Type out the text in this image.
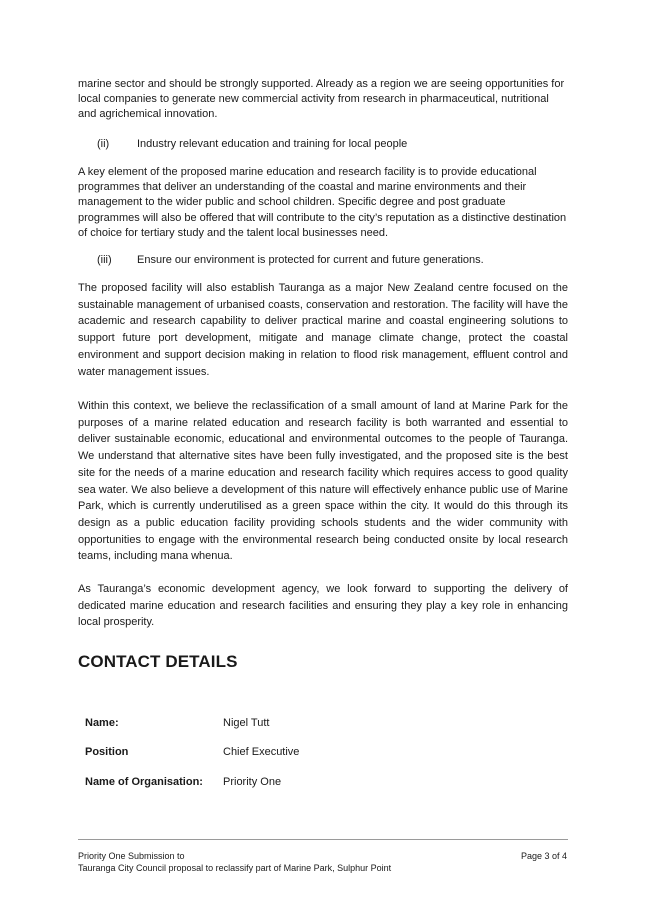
marine sector and should be strongly supported. Already as a region we are seeing opportunities for local companies to generate new commercial activity from research in pharmaceutical, nutritional and agrichemical innovation.

(ii)	Industry relevant education and training for local people

A key element of the proposed marine education and research facility is to provide educational programmes that deliver an understanding of the coastal and marine environments and their management to the wider public and school children. Specific degree and post graduate programmes will also be offered that will contribute to the city’s reputation as a distinctive destination of choice for tertiary study and the talent local businesses need.

(iii) Ensure our environment is protected for current and future generations.

The proposed facility will also establish Tauranga as a major New Zealand centre focused on the sustainable management of urbanised coasts, conservation and restoration. The facility will have the academic and research capability to deliver practical marine and coastal engineering solutions to support future port development, mitigate and manage climate change, protect the coastal environment and support decision making in relation to flood risk management, effluent control and water management issues.

Within this context, we believe the reclassification of a small amount of land at Marine Park for the purposes of a marine related education and research facility is both warranted and essential to deliver sustainable economic, educational and environmental outcomes to the people of Tauranga. We understand that alternative sites have been fully investigated, and the proposed site is the best site for the needs of a marine education and research facility which requires access to good quality sea water. We also believe a development of this nature will effectively enhance public use of Marine Park, which is currently underutilised as a green space within the city. It would do this through its design as a public education facility providing schools students and the wider community with opportunities to engage with the environmental research being conducted onsite by local research teams, including mana whenua.

As Tauranga’s economic development agency, we look forward to supporting the delivery of dedicated marine education and research facilities and ensuring they play a key role in enhancing local prosperity.

CONTACT DETAILS
Name:	Nigel Tutt
Position	Chief Executive
Name of Organisation: Priority One
Priority One Submission to
Tauranga City Council proposal to reclassify part of Marine Park, Sulphur Point
Page 3 of 4
